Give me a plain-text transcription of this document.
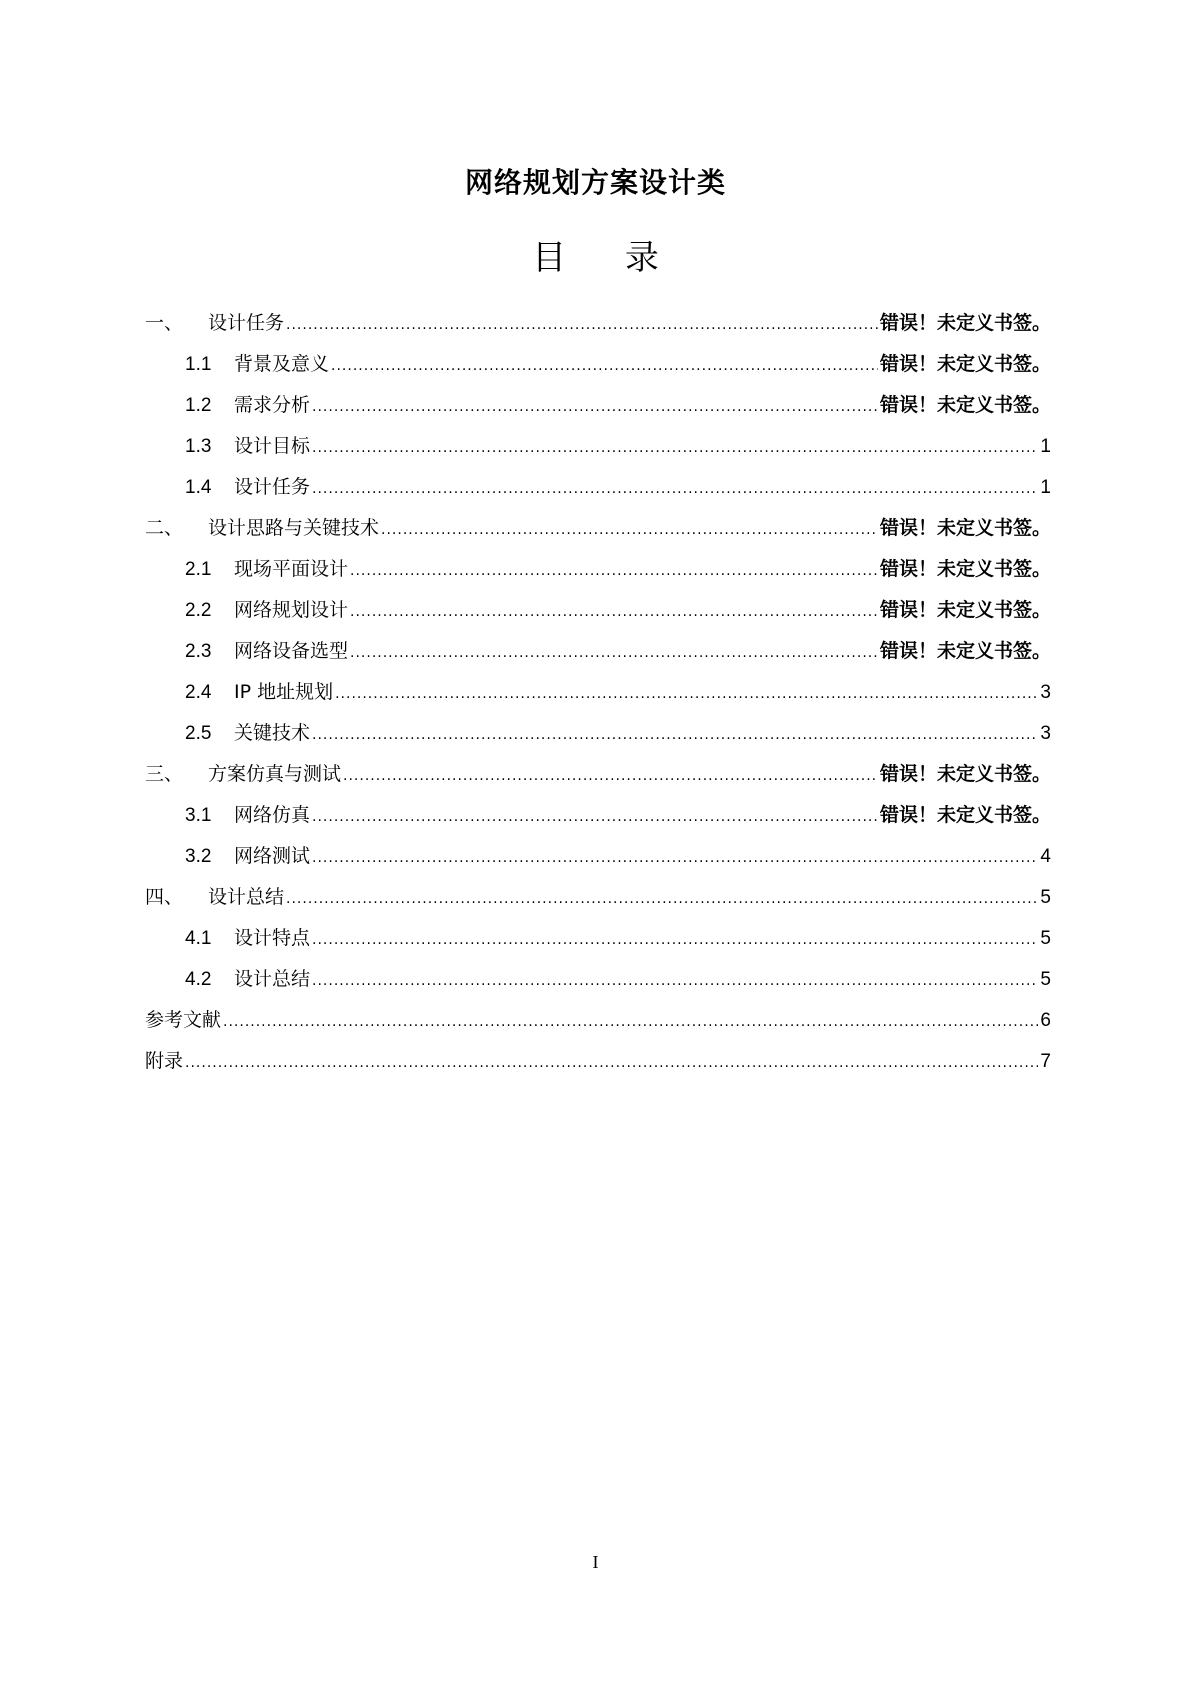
网络规划方案设计类
目 录
一、	设计任务 .....	错误！未定义书签。
1.1	背景及意义 .....	错误！未定义书签。
1.2	需求分析 .....	错误！未定义书签。
1.3	设计目标 .....	1
1.4	设计任务 .....	1
二、	设计思路与关键技术 .....	错误！未定义书签。
2.1	现场平面设计 .....	错误！未定义书签。
2.2	网络规划设计 .....	错误！未定义书签。
2.3	网络设备选型 .....	错误！未定义书签。
2.4	IP 地址规划 .....	3
2.5	关键技术 .....	3
三、	方案仿真与测试 .....	错误！未定义书签。
3.1	网络仿真 .....	错误！未定义书签。
3.2	网络测试 .....	4
四、	设计总结 .....	5
4.1	设计特点 .....	5
4.2	设计总结 .....	5
参考文献 .....	6
附录 .....	7
I
